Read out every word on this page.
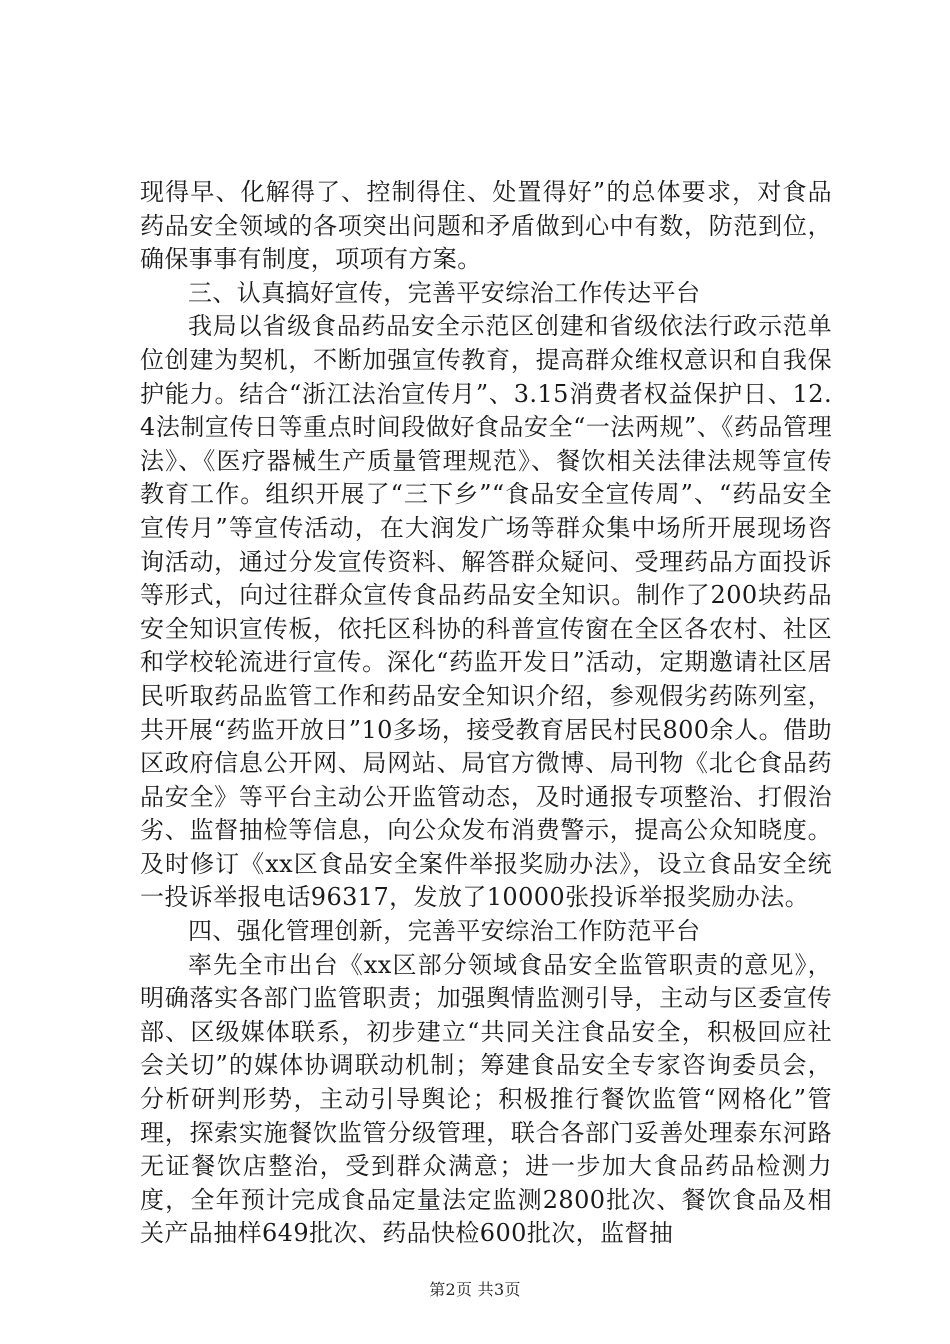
现得早、化解得了、控制得住、处置得好”的总体要求，对食品药品安全领域的各项突出问题和矛盾做到心中有数，防范到位，确保事事有制度，项项有方案。

三、认真搞好宣传，完善平安综治工作传达平台

我局以省级食品药品安全示范区创建和省级依法行政示范单位创建为契机，不断加强宣传教育，提高群众维权意识和自我保护能力。结合“浙江法治宣传月”、3.15消费者权益保护日、12.4法制宣传日等重点时间段做好食品安全“一法两规”、《药品管理法》、《医疗器械生产质量管理规范》、餐饮相关法律法规等宣传教育工作。组织开展了“三下乡”“食品安全宣传周”、“药品安全宣传月”等宣传活动，在大润发广场等群众集中场所开展现场咨询活动，通过分发宣传资料、解答群众疑问、受理药品方面投诉等形式，向过往群众宣传食品药品安全知识。制作了200块药品安全知识宣传板，依托区科协的科普宣传窗在全区各农村、社区和学校轮流进行宣传。深化“药监开发日”活动，定期邀请社区居民听取药品监管工作和药品安全知识介绍，参观假劣药陈列室，共开展“药监开放日”10多场，接受教育居民村民800余人。借助区政府信息公开网、局网站、局官方微博、局刊物《北仑食品药品安全》等平台主动公开监管动态，及时通报专项整治、打假治劣、监督抽检等信息，向公众发布消费警示，提高公众知晓度。及时修订《xx区食品安全案件举报奖励办法》，设立食品安全统一投诉举报电话96317，发放了10000张投诉举报奖励办法。

四、强化管理创新，完善平安综治工作防范平台

率先全市出台《xx区部分领域食品安全监管职责的意见》，明确落实各部门监管职责；加强舆情监测引导，主动与区委宣传部、区级媒体联系，初步建立“共同关注食品安全，积极回应社会关切”的媒体协调联动机制；筹建食品安全专家咨询委员会，分析研判形势，主动引导舆论；积极推行餐饮监管“网格化”管理，探索实施餐饮监管分级管理，联合各部门妥善处理泰东河路无证餐饮店整治，受到群众满意；进一步加大食品药品检测力度，全年预计完成食品定量法定监测2800批次、餐饮食品及相关产品抽样649批次、药品快检600批次，监督抽

第2页 共3页
